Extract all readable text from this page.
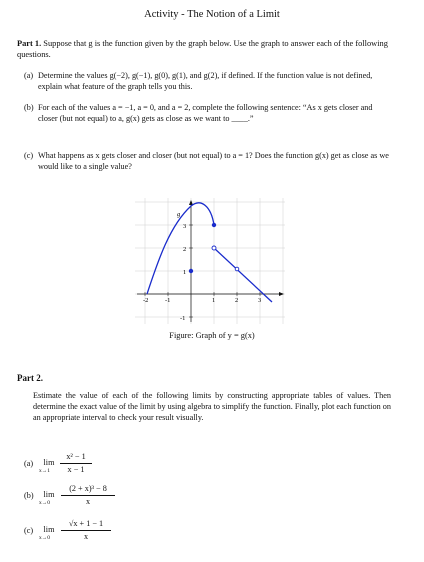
Activity - The Notion of a Limit
Part 1. Suppose that g is the function given by the graph below. Use the graph to answer each of the following questions.
(a) Determine the values g(−2), g(−1), g(0), g(1), and g(2), if defined. If the function value is not defined, explain what feature of the graph tells you this.
(b) For each of the values a = −1, a = 0, and a = 2, complete the following sentence: “As x gets closer and closer (but not equal) to a, g(x) gets as close as we want to ____.”
(c) What happens as x gets closer and closer (but not equal) to a = 1? Does the function g(x) get as close as we would like to a single value?
-2	-1	1	2	3
3
2
1
-1
g
Figure: Graph of y = g(x)
Part 2.
Estimate the value of each of the following limits by constructing appropriate tables of values. Then determine the exact value of the limit by using algebra to simplify the function. Finally, plot each function on an appropriate interval to check your result visually.
(a)	lim
x→1
x² − 1
x − 1
(b)	lim
x→0
(2 + x)³ − 8
x
(c)	lim
x→0
√x + 1 − 1
x
